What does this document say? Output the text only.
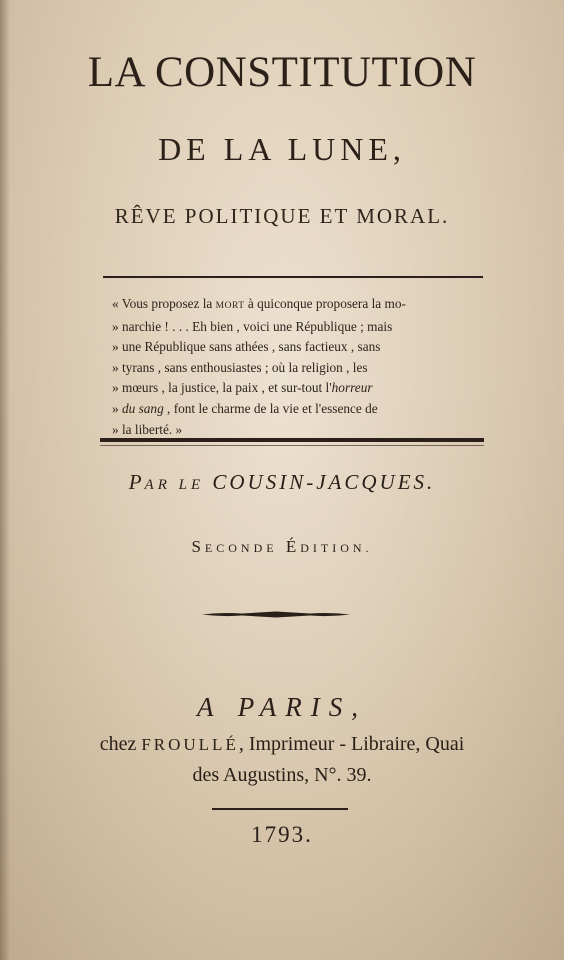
LA CONSTITUTION
DE LA LUNE,
RÊVE POLITIQUE ET MORAL.
« Vous proposez la MORT à quiconque proposera la mo-
» narchie ! . . . Eh bien , voici une République ; mais
» une République sans athées , sans factieux , sans
» tyrans , sans enthousiastes ; où la religion , les
» mœurs , la justice, la paix , et sur-tout l'horreur
» du sang , font le charme de la vie et l'essence de
» la liberté. »
PAR LE COUSIN-JACQUES.
SECONDE ÉDITION.
A PARIS,
chez FROULLÉ, Imprimeur - Libraire, Quai
des Augustins, N°. 39.
1793.
